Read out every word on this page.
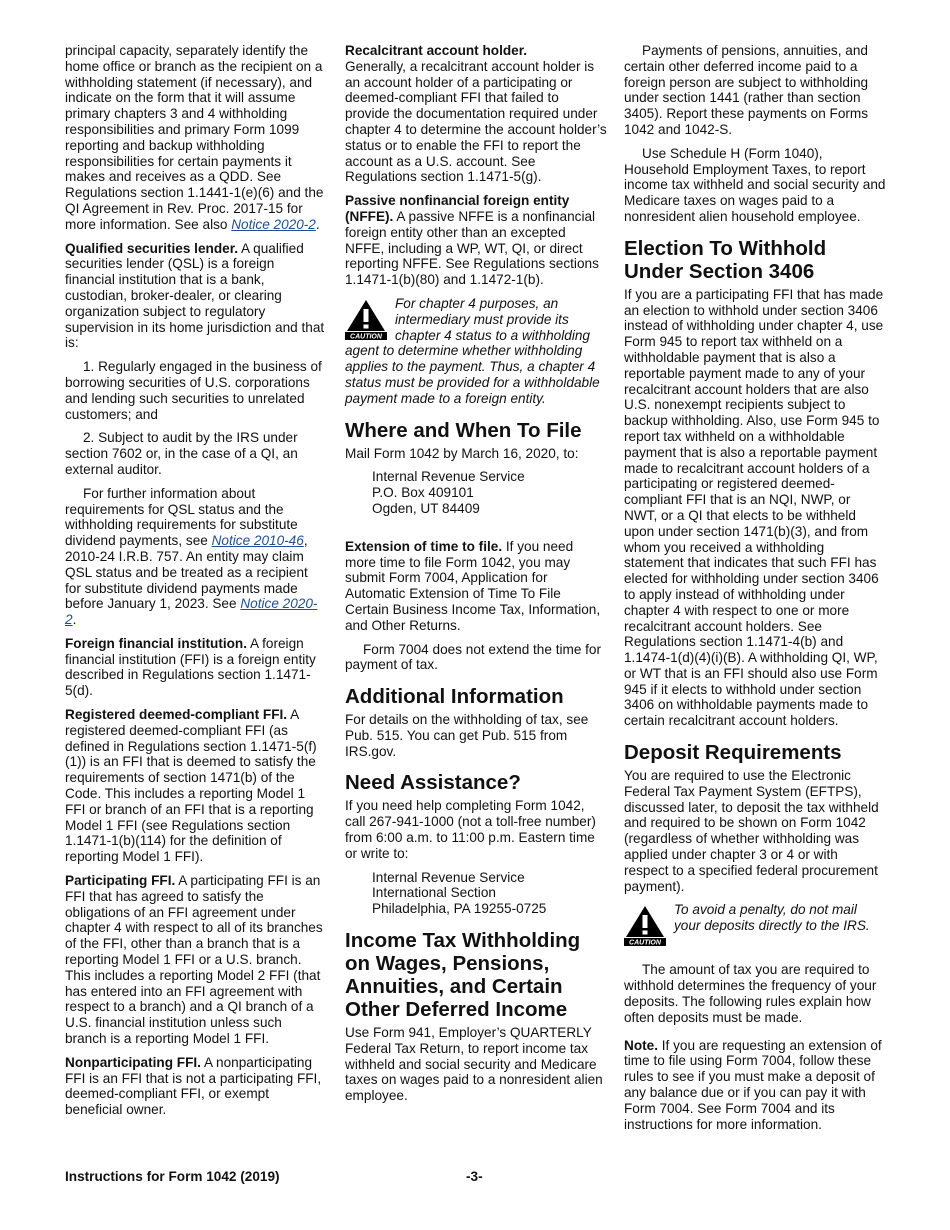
principal capacity, separately identify the home office or branch as the recipient on a withholding statement (if necessary), and indicate on the form that it will assume primary chapters 3 and 4 withholding responsibilities and primary Form 1099 reporting and backup withholding responsibilities for certain payments it makes and receives as a QDD. See Regulations section 1.1441-1(e)(6) and the QI Agreement in Rev. Proc. 2017-15 for more information. See also Notice 2020-2.

Qualified securities lender. A qualified securities lender (QSL) is a foreign financial institution that is a bank, custodian, broker-dealer, or clearing organization subject to regulatory supervision in its home jurisdiction and that is:

1. Regularly engaged in the business of borrowing securities of U.S. corporations and lending such securities to unrelated customers; and

2. Subject to audit by the IRS under section 7602 or, in the case of a QI, an external auditor.

For further information about requirements for QSL status and the withholding requirements for substitute dividend payments, see Notice 2010-46, 2010-24 I.R.B. 757. An entity may claim QSL status and be treated as a recipient for substitute dividend payments made before January 1, 2023. See Notice 2020-2.

Foreign financial institution. A foreign financial institution (FFI) is a foreign entity described in Regulations section 1.1471-5(d).

Registered deemed-compliant FFI. A registered deemed-compliant FFI (as defined in Regulations section 1.1471-5(f)(1)) is an FFI that is deemed to satisfy the requirements of section 1471(b) of the Code. This includes a reporting Model 1 FFI or branch of an FFI that is a reporting Model 1 FFI (see Regulations section 1.1471-1(b)(114) for the definition of reporting Model 1 FFI).

Participating FFI. A participating FFI is an FFI that has agreed to satisfy the obligations of an FFI agreement under chapter 4 with respect to all of its branches of the FFI, other than a branch that is a reporting Model 1 FFI or a U.S. branch. This includes a reporting Model 2 FFI (that has entered into an FFI agreement with respect to a branch) and a QI branch of a U.S. financial institution unless such branch is a reporting Model 1 FFI.

Nonparticipating FFI. A nonparticipating FFI is an FFI that is not a participating FFI, deemed-compliant FFI, or exempt beneficial owner.

Recalcitrant account holder.
Generally, a recalcitrant account holder is an account holder of a participating or deemed-compliant FFI that failed to provide the documentation required under chapter 4 to determine the account holder’s status or to enable the FFI to report the account as a U.S. account. See Regulations section 1.1471-5(g).

Passive nonfinancial foreign entity (NFFE). A passive NFFE is a nonfinancial foreign entity other than an excepted NFFE, including a WP, WT, QI, or direct reporting NFFE. See Regulations sections 1.1471-1(b)(80) and 1.1472-1(b).

CAUTION
For chapter 4 purposes, an intermediary must provide its chapter 4 status to a withholding agent to determine whether withholding applies to the payment. Thus, a chapter 4 status must be provided for a withholdable payment made to a foreign entity.
Where and When To File

Mail Form 1042 by March 16, 2020, to:

Internal Revenue Service
P.O. Box 409101
Ogden, UT 84409

Extension of time to file. If you need more time to file Form 1042, you may submit Form 7004, Application for Automatic Extension of Time To File Certain Business Income Tax, Information, and Other Returns.

Form 7004 does not extend the time for payment of tax.

Additional Information

For details on the withholding of tax, see Pub. 515. You can get Pub. 515 from IRS.gov.

Need Assistance?

If you need help completing Form 1042, call 267-941-1000 (not a toll-free number) from 6:00 a.m. to 11:00 p.m. Eastern time or write to:

Internal Revenue Service
International Section
Philadelphia, PA 19255-0725
Income Tax Withholding on Wages, Pensions, Annuities, and Certain Other Deferred Income

Use Form 941, Employer’s QUARTERLY Federal Tax Return, to report income tax withheld and social security and Medicare taxes on wages paid to a nonresident alien employee.

Payments of pensions, annuities, and certain other deferred income paid to a foreign person are subject to withholding under section 1441 (rather than section 3405). Report these payments on Forms 1042 and 1042-S.

Use Schedule H (Form 1040), Household Employment Taxes, to report income tax withheld and social security and Medicare taxes on wages paid to a nonresident alien household employee.

Election To Withhold Under Section 3406

If you are a participating FFI that has made an election to withhold under section 3406 instead of withholding under chapter 4, use Form 945 to report tax withheld on a withholdable payment that is also a reportable payment made to any of your recalcitrant account holders that are also U.S. nonexempt recipients subject to backup withholding. Also, use Form 945 to report tax withheld on a withholdable payment that is also a reportable payment made to recalcitrant account holders of a participating or registered deemed-compliant FFI that is an NQI, NWP, or NWT, or a QI that elects to be withheld upon under section 1471(b)(3), and from whom you received a withholding statement that indicates that such FFI has elected for withholding under section 3406 to apply instead of withholding under chapter 4 with respect to one or more recalcitrant account holders. See Regulations section 1.1471-4(b) and 1.1474-1(d)(4)(i)(B). A withholding QI, WP, or WT that is an FFI should also use Form 945 if it elects to withhold under section 3406 on withholdable payments made to certain recalcitrant account holders.

Deposit Requirements

You are required to use the Electronic Federal Tax Payment System (EFTPS), discussed later, to deposit the tax withheld and required to be shown on Form 1042 (regardless of whether withholding was applied under chapter 3 or 4 or with respect to a specified federal procurement payment).

CAUTION
To avoid a penalty, do not mail your deposits directly to the IRS.

The amount of tax you are required to withhold determines the frequency of your deposits. The following rules explain how often deposits must be made.

Note. If you are requesting an extension of time to file using Form 7004, follow these rules to see if you must make a deposit of any balance due or if you can pay it with Form 7004. See Form 7004 and its instructions for more information.

Instructions for Form 1042 (2019)	-3-
